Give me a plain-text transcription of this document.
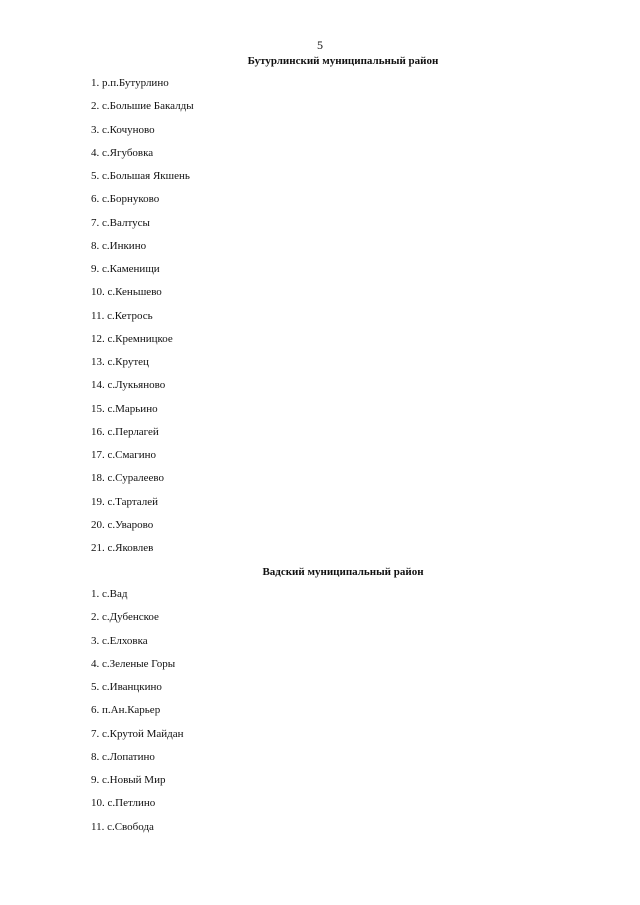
5
Бутурлинский муниципальный район
1. р.п.Бутурлино
2. с.Большие Бакалды
3. с.Кочуново
4. с.Ягубовка
5. с.Большая Якшень
6. с.Борнуково
7. с.Валтусы
8. с.Инкино
9. с.Каменищи
10. с.Кеньшево
11. с.Кетрось
12. с.Кремницкое
13. с.Крутец
14. с.Лукьяново
15. с.Марьино
16. с.Перлагей
17. с.Смагино
18. с.Суралеево
19. с.Тарталей
20. с.Уварово
21. с.Яковлев
Вадский муниципальный район
1. с.Вад
2. с.Дубенское
3. с.Елховка
4. с.Зеленые Горы
5. с.Иванцкино
6. п.Ан.Карьер
7. с.Крутой Майдан
8. с.Лопатино
9. с.Новый Мир
10. с.Петлино
11. с.Свобода
